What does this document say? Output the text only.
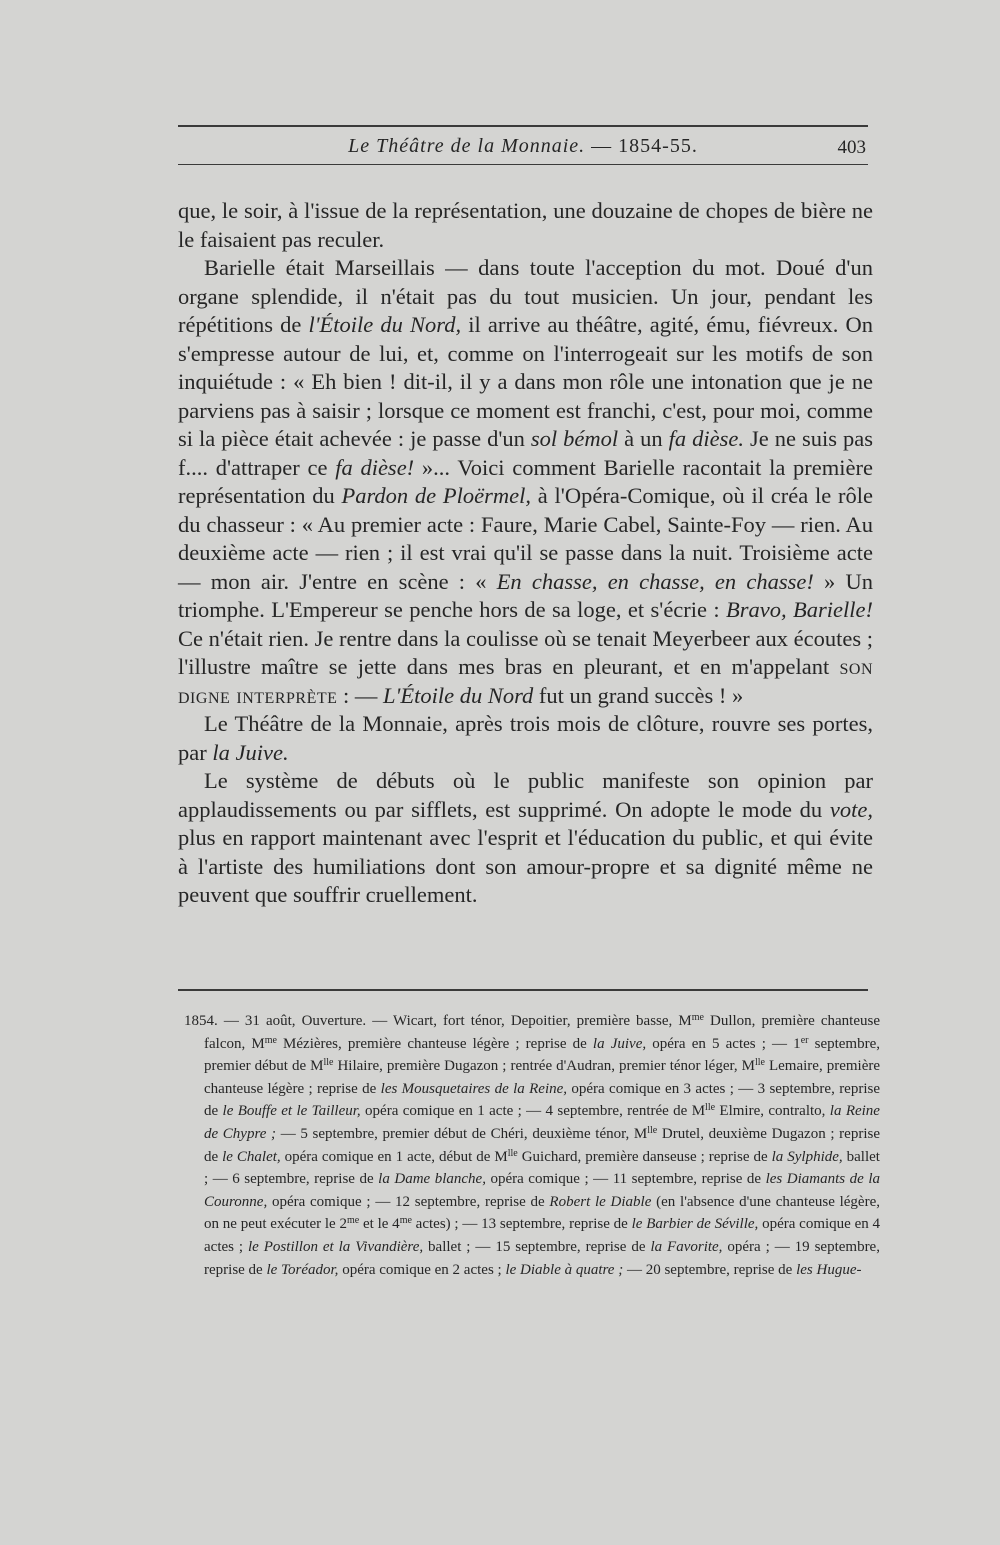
Le Théâtre de la Monnaie. — 1854-55.	403

que, le soir, à l'issue de la représentation, une douzaine de chopes de bière ne le faisaient pas reculer.

Barielle était Marseillais — dans toute l'acception du mot. Doué d'un organe splendide, il n'était pas du tout musicien. Un jour, pendant les répétitions de l'Étoile du Nord, il arrive au théâtre, agité, ému, fiévreux. On s'empresse autour de lui, et, comme on l'interrogeait sur les motifs de son inquiétude : « Eh bien ! dit-il, il y a dans mon rôle une intonation que je ne parviens pas à saisir ; lorsque ce moment est franchi, c'est, pour moi, comme si la pièce était achevée : je passe d'un sol bémol à un fa dièse. Je ne suis pas f.... d'attraper ce fa dièse! »... Voici comment Barielle racontait la première représentation du Pardon de Ploërmel, à l'Opéra-Comique, où il créa le rôle du chasseur : « Au premier acte : Faure, Marie Cabel, Sainte-Foy — rien. Au deuxième acte — rien ; il est vrai qu'il se passe dans la nuit. Troisième acte — mon air. J'entre en scène : « En chasse, en chasse, en chasse! » Un triomphe. L'Empereur se penche hors de sa loge, et s'écrie : Bravo, Barielle! Ce n'était rien. Je rentre dans la coulisse où se tenait Meyerbeer aux écoutes ; l'illustre maître se jette dans mes bras en pleurant, et en m'appelant son digne interprète : — L'Étoile du Nord fut un grand succès ! »

Le Théâtre de la Monnaie, après trois mois de clôture, rouvre ses portes, par la Juive.

Le système de débuts où le public manifeste son opinion par applaudissements ou par sifflets, est supprimé. On adopte le mode du vote, plus en rapport maintenant avec l'esprit et l'éducation du public, et qui évite à l'artiste des humiliations dont son amour-propre et sa dignité même ne peuvent que souffrir cruellement.

1854. — 31 août, Ouverture. — Wicart, fort ténor, Depoitier, première basse, $M^{me}$ Dullon, première chanteuse falcon, $M^{me}$ Mézières, première chanteuse légère ; reprise de la Juive, opéra en 5 actes ; — 1er septembre, premier début de $M^{lle}$ Hilaire, première Dugazon ; rentrée d'Audran, premier ténor léger, $M^{lle}$ Lemaire, première chanteuse légère ; reprise de les Mousquetaires de la Reine, opéra comique en 3 actes ; — 3 septembre, reprise de le Bouffe et le Tailleur, opéra comique en 1 acte ; — 4 septembre, rentrée de $M^{lle}$ Elmire, contralto, la Reine de Chypre ; — 5 septembre, premier début de Chéri, deuxième ténor, $M^{lle}$ Drutel, deuxième Dugazon ; reprise de le Chalet, opéra comique en 1 acte, début de $M^{lle}$ Guichard, première danseuse ; reprise de la Sylphide, ballet ; — 6 septembre, reprise de la Dame blanche, opéra comique ; — 11 septembre, reprise de les Diamants de la Couronne, opéra comique ; — 12 septembre, reprise de Robert le Diable (en l'absence d'une chanteuse légère, on ne peut exécuter le $2^{me}$ et le $4^{me}$ actes) ; — 13 septembre, reprise de le Barbier de Séville, opéra comique en 4 actes ; le Postillon et la Vivandière, ballet ; — 15 septembre, reprise de la Favorite, opéra ; — 19 septembre, reprise de le Toréador, opéra comique en 2 actes ; le Diable à quatre ; — 20 septembre, reprise de les Hugue-
